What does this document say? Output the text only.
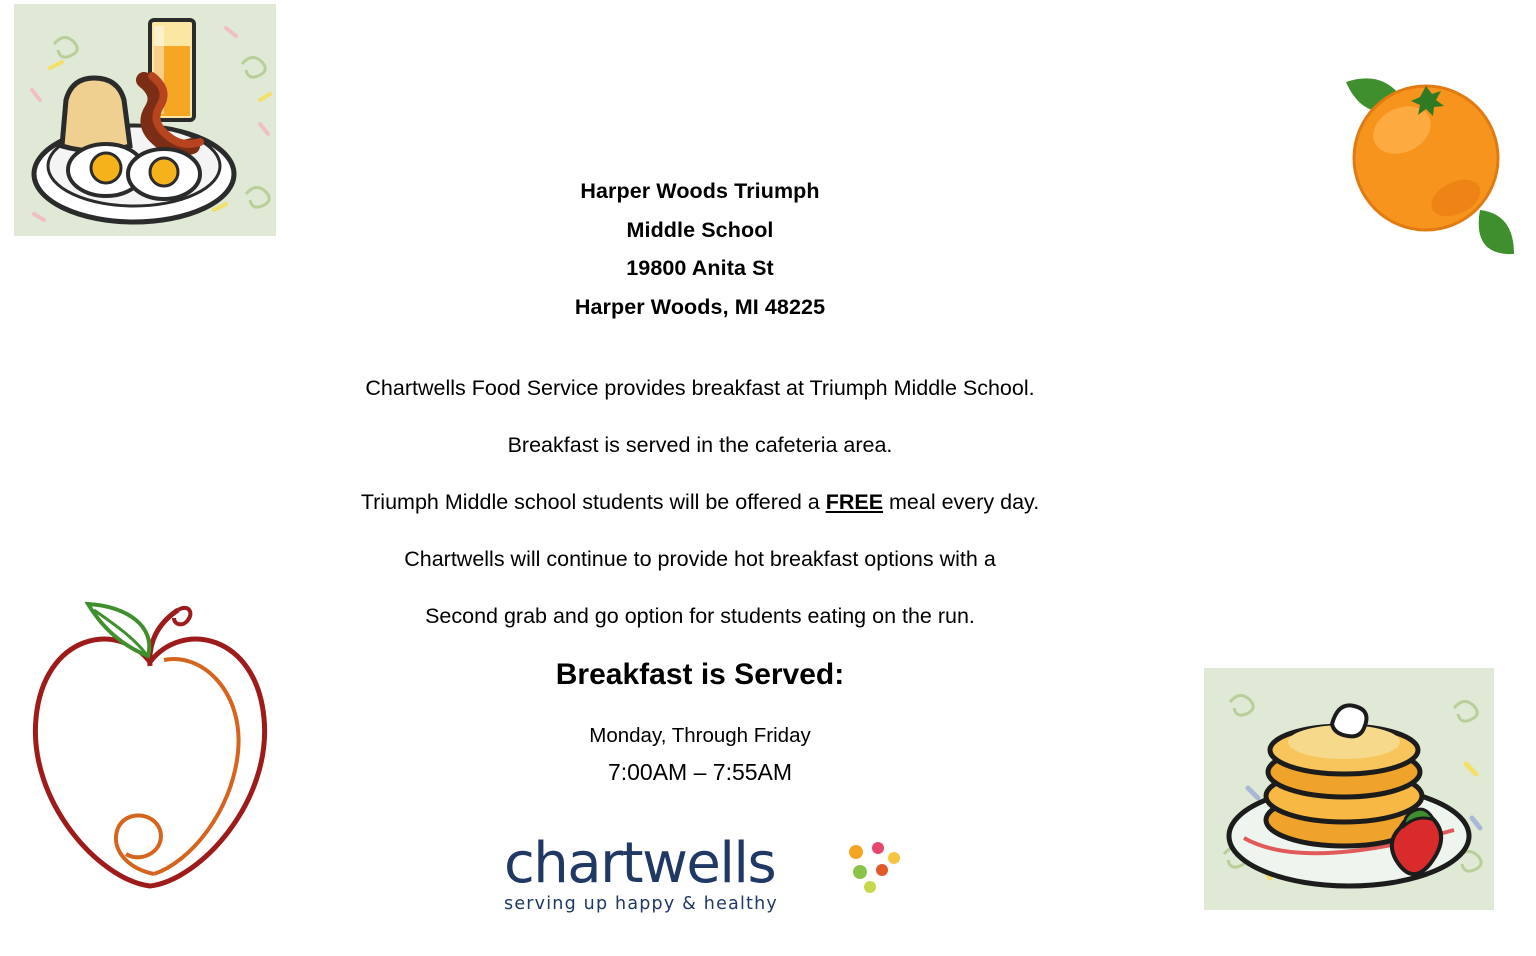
Harper Woods Triumph
Middle School
19800 Anita St
Harper Woods, MI 48225
Chartwells Food Service provides breakfast at Triumph Middle School.
Breakfast is served in the cafeteria area.
Triumph Middle school students will be offered a FREE meal every day.
Chartwells will continue to provide hot breakfast options with a
Second grab and go option for students eating on the run.
Breakfast is Served:
Monday, Through Friday
7:00AM – 7:55AM
chartwells
serving up happy & healthy
